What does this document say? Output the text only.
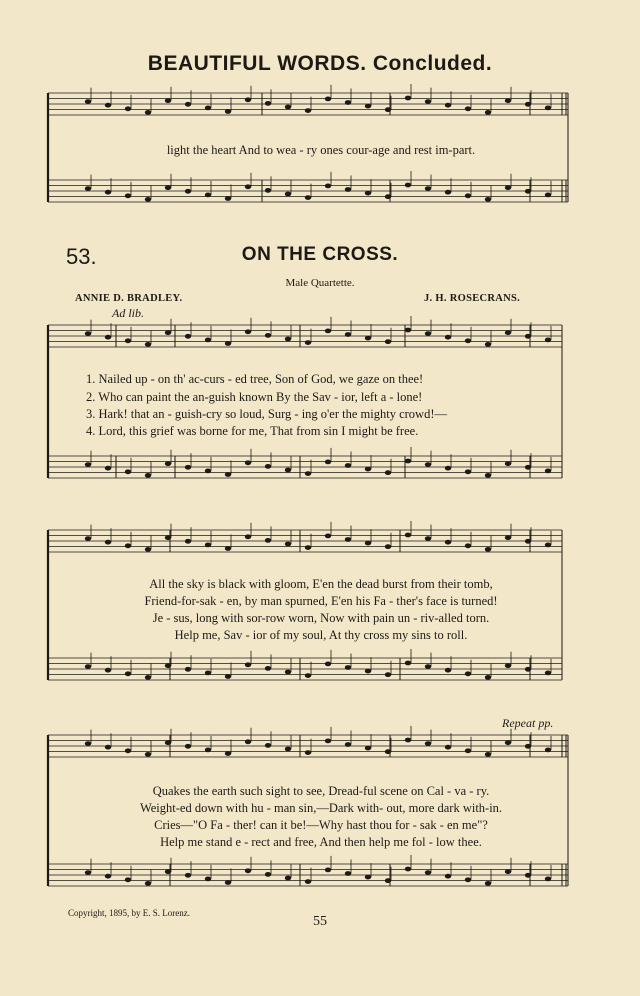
BEAUTIFUL WORDS. Concluded.
light the heart And to wea - ry ones cour-age and rest im-part.
53.	ON THE CROSS.
Male Quartette.
ANNIE D. BRADLEY.	J. H. ROSECRANS.
Ad lib.
1. Nailed up - on th' ac-curs - ed tree, Son of God, we gaze on thee!
2. Who can paint the an-guish known By the Sav - ior, left a - lone!
3. Hark! that an - guish-cry so loud, Surg - ing o'er the mighty crowd!—
4. Lord, this grief was borne for me, That from sin I might be free.
All the sky is black with gloom, E'en the dead burst from their tomb,
Friend-for-sak - en, by man spurned, E'en his Fa - ther's face is turned!
Je - sus, long with sor-row worn, Now with pain un - riv-alled torn.
Help me, Sav - ior of my soul, At thy cross my sins to roll.
Repeat pp.
Quakes the earth such sight to see, Dread-ful scene on Cal - va - ry.
Weight-ed down with hu - man sin,—Dark with- out, more dark with-in.
Cries—"O Fa - ther! can it be!—Why hast thou for - sak - en me"?
Help me stand e - rect and free, And then help me fol - low thee.
Copyright, 1895, by E. S. Lorenz.
55
